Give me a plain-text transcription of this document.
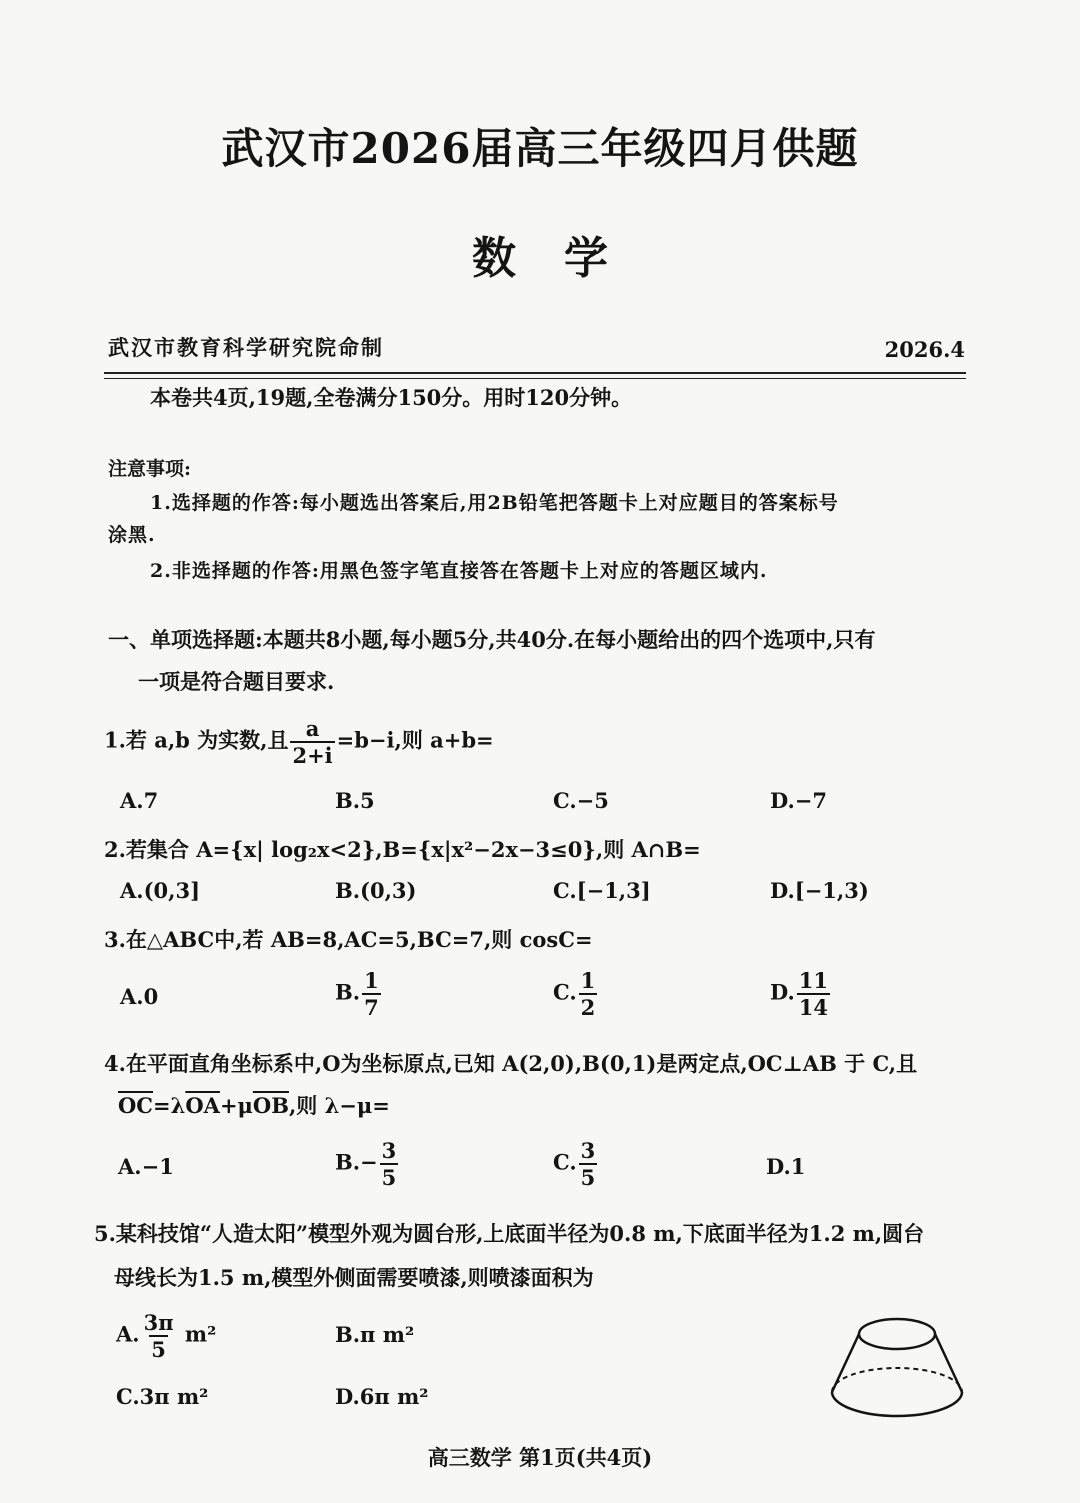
武汉市2026届高三年级四月供题
数学
武汉市教育科学研究院命制	2026.4
本卷共4页,19题,全卷满分150分。用时120分钟。
注意事项:
1.选择题的作答:每小题选出答案后,用2B铅笔把答题卡上对应题目的答案标号
涂黑.
2.非选择题的作答:用黑色签字笔直接答在答题卡上对应的答题区域内.
一、单项选择题:本题共8小题,每小题5分,共40分.在每小题给出的四个选项中,只有
一项是符合题目要求.
1.若 a,b 为实数,且 $\frac{a}{2+i} =b-i$,则 a+b=
A.7	B.5	C.−5	D.−7
2.若集合 A={x| log₂x<2},B={x|x²−2x−3≤0},则 A∩B=
A.(0,3]	B.(0,3)	C.[−1,3]	D.[−1,3)
3.在△ABC中,若 AB=8,AC=5,BC=7,则 cosC=
A.0	B. $\frac{1}{7}$	C. $\frac{1}{2}$	D. $\frac{11}{14}$
4.在平面直角坐标系中,O为坐标原点,已知 A(2,0),B(0,1)是两定点,OC⊥AB 于 C,且
$\overline{OC}=\lambda\overline{OA}+\mu\overline{OB}$,则 λ−μ=
A.−1	$B.- \frac{3}{5}$	C. $\frac{3}{5}$	D.1
5.某科技馆“人造太阳”模型外观为圆台形,上底面半径为0.8 m,下底面半径为1.2 m,圆台
母线长为1.5 m,模型外侧面需要喷漆,则喷漆面积为
A. $\frac{3\pi}{5} m^2$	B.π m²
C.3π m²	D.6π m²
高三数学 第1页(共4页)
